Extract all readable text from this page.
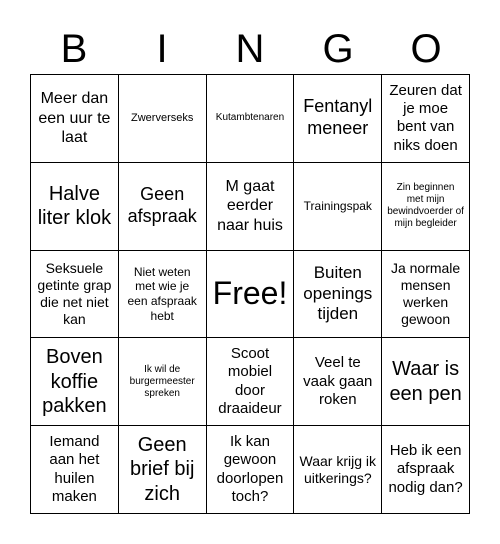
B	I	N	G	O
Meer dan een uur te laat
Zwerverseks	Kutambtenaren
Fentanyl meneer
Zeuren dat je moe bent van niks doen
Halve liter klok
Geen afspraak
M gaat eerder naar huis
Trainingspak
Zin beginnen met mijn bewindvoerder of mijn begleider
Seksuele getinte grap die net niet kan
Niet weten met wie je een afspraak hebt
Free!
Buiten openings tijden
Ja normale mensen werken gewoon
Boven koffie pakken
Ik wil de burgermeester spreken
Scoot mobiel door draaideur
Veel te vaak gaan roken
Waar is een pen
Iemand aan het huilen maken
Geen brief bij zich
Ik kan gewoon doorlopen toch?
Waar krijg ik uitkerings?
Heb ik een afspraak nodig dan?
